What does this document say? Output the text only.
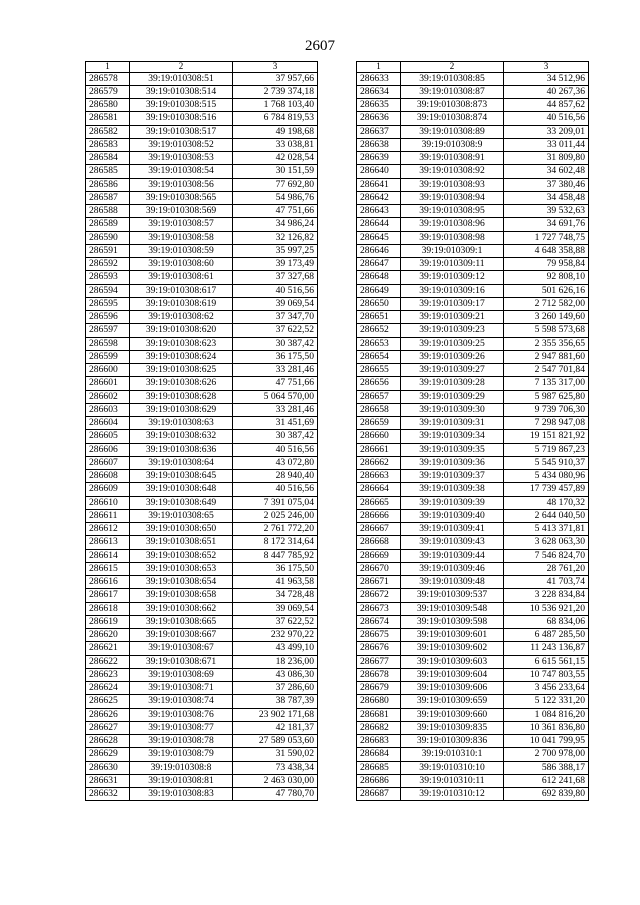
2607
1	2	3
286578	39:19:010308:51	37 957,66
286579	39:19:010308:514	2 739 374,18
286580	39:19:010308:515	1 768 103,40
286581	39:19:010308:516	6 784 819,53
286582	39:19:010308:517	49 198,68
286583	39:19:010308:52	33 038,81
286584	39:19:010308:53	42 028,54
286585	39:19:010308:54	30 151,59
286586	39:19:010308:56	77 692,80
286587	39:19:010308:565	54 986,76
286588	39:19:010308:569	47 751,66
286589	39:19:010308:57	34 986,24
286590	39:19:010308:58	32 126,82
286591	39:19:010308:59	35 997,25
286592	39:19:010308:60	39 173,49
286593	39:19:010308:61	37 327,68
286594	39:19:010308:617	40 516,56
286595	39:19:010308:619	39 069,54
286596	39:19:010308:62	37 347,70
286597	39:19:010308:620	37 622,52
286598	39:19:010308:623	30 387,42
286599	39:19:010308:624	36 175,50
286600	39:19:010308:625	33 281,46
286601	39:19:010308:626	47 751,66
286602	39:19:010308:628	5 064 570,00
286603	39:19:010308:629	33 281,46
286604	39:19:010308:63	31 451,69
286605	39:19:010308:632	30 387,42
286606	39:19:010308:636	40 516,56
286607	39:19:010308:64	43 072,80
286608	39:19:010308:645	28 940,40
286609	39:19:010308:648	40 516,56
286610	39:19:010308:649	7 391 075,04
286611	39:19:010308:65	2 025 246,00
286612	39:19:010308:650	2 761 772,20
286613	39:19:010308:651	8 172 314,64
286614	39:19:010308:652	8 447 785,92
286615	39:19:010308:653	36 175,50
286616	39:19:010308:654	41 963,58
286617	39:19:010308:658	34 728,48
286618	39:19:010308:662	39 069,54
286619	39:19:010308:665	37 622,52
286620	39:19:010308:667	232 970,22
286621	39:19:010308:67	43 499,10
286622	39:19:010308:671	18 236,00
286623	39:19:010308:69	43 086,30
286624	39:19:010308:71	37 286,60
286625	39:19:010308:74	38 787,39
286626	39:19:010308:76	23 902 171,68
286627	39:19:010308:77	42 181,37
286628	39:19:010308:78	27 589 053,60
286629	39:19:010308:79	31 590,02
286630	39:19:010308:8	73 438,34
286631	39:19:010308:81	2 463 030,00
286632	39:19:010308:83	47 780,70
1	2	3
286633	39:19:010308:85	34 512,96
286634	39:19:010308:87	40 267,36
286635	39:19:010308:873	44 857,62
286636	39:19:010308:874	40 516,56
286637	39:19:010308:89	33 209,01
286638	39:19:010308:9	33 011,44
286639	39:19:010308:91	31 809,80
286640	39:19:010308:92	34 602,48
286641	39:19:010308:93	37 380,46
286642	39:19:010308:94	34 458,48
286643	39:19:010308:95	39 532,63
286644	39:19:010308:96	34 691,76
286645	39:19:010308:98	1 727 748,75
286646	39:19:010309:1	4 648 358,88
286647	39:19:010309:11	79 958,84
286648	39:19:010309:12	92 808,10
286649	39:19:010309:16	501 626,16
286650	39:19:010309:17	2 712 582,00
286651	39:19:010309:21	3 260 149,60
286652	39:19:010309:23	5 598 573,68
286653	39:19:010309:25	2 355 356,65
286654	39:19:010309:26	2 947 881,60
286655	39:19:010309:27	2 547 701,84
286656	39:19:010309:28	7 135 317,00
286657	39:19:010309:29	5 987 625,80
286658	39:19:010309:30	9 739 706,30
286659	39:19:010309:31	7 298 947,08
286660	39:19:010309:34	19 151 821,92
286661	39:19:010309:35	5 719 867,23
286662	39:19:010309:36	5 545 910,37
286663	39:19:010309:37	5 434 080,96
286664	39:19:010309:38	17 739 457,89
286665	39:19:010309:39	48 170,32
286666	39:19:010309:40	2 644 040,50
286667	39:19:010309:41	5 413 371,81
286668	39:19:010309:43	3 628 063,30
286669	39:19:010309:44	7 546 824,70
286670	39:19:010309:46	28 761,20
286671	39:19:010309:48	41 703,74
286672	39:19:010309:537	3 228 834,84
286673	39:19:010309:548	10 536 921,20
286674	39:19:010309:598	68 834,06
286675	39:19:010309:601	6 487 285,50
286676	39:19:010309:602	11 243 136,87
286677	39:19:010309:603	6 615 561,15
286678	39:19:010309:604	10 747 803,55
286679	39:19:010309:606	3 456 233,64
286680	39:19:010309:659	5 122 331,20
286681	39:19:010309:660	1 084 816,20
286682	39:19:010309:835	10 361 836,80
286683	39:19:010309:836	10 041 799,95
286684	39:19:010310:1	2 700 978,00
286685	39:19:010310:10	586 388,17
286686	39:19:010310:11	612 241,68
286687	39:19:010310:12	692 839,80
